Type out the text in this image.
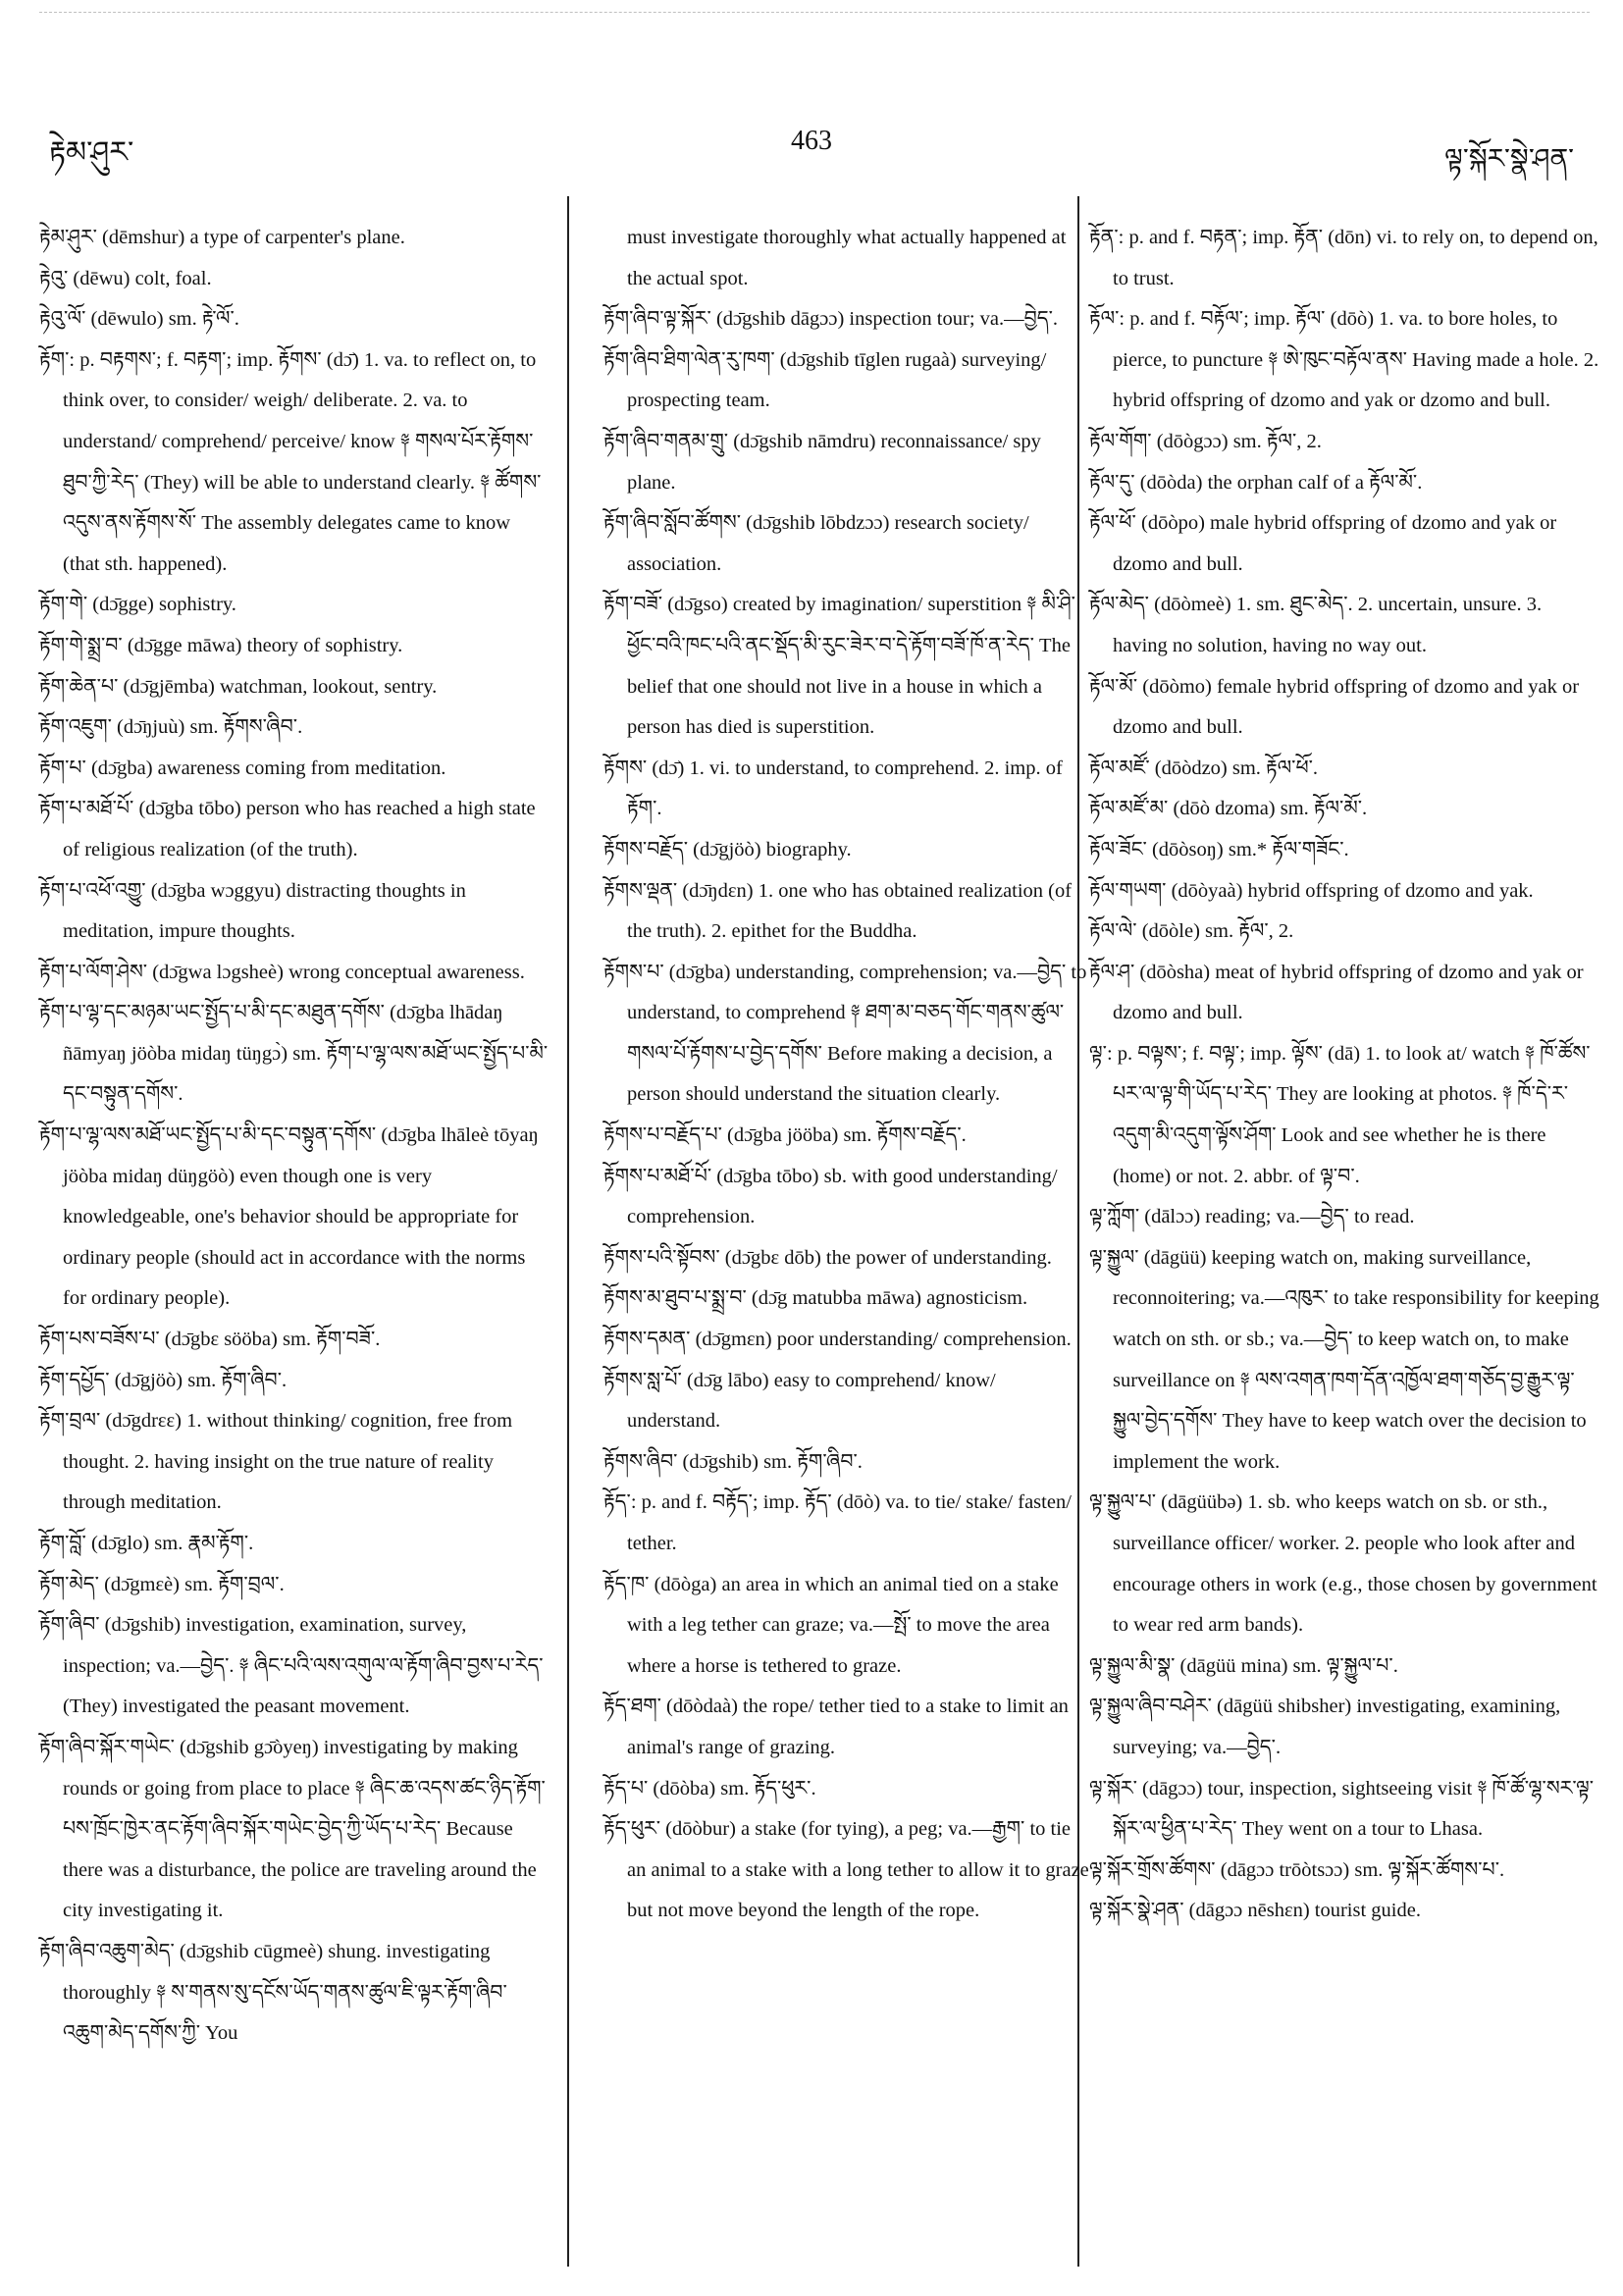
རྟེམ་ཤུར་	463
ལྟ་སྐོར་སྣེ་ཤན་

རྟེམ་ཤུར་ (dēmshur) a type of carpenter's plane.

རྟེའུ་ (dēwu) colt, foal.

རྟེའུ་ལོ་ (dēwulo) sm. རྟེ་ལོ་.

རྟོག་: p. བརྟགས་; f. བརྟག་; imp. རྟོགས་ (dɔ̄) 1. va. to reflect on, to think over, to consider/ weigh/ deliberate. 2. va. to understand/ comprehend/ perceive/ know ༈ གསལ་པོར་རྟོགས་ཐུབ་ཀྱི་རེད་ (They) will be able to understand clearly. ༈ ཚོགས་འདུས་ནས་རྟོགས་སོ་ The assembly delegates came to know (that sth. happened).

རྟོག་གེ་ (dɔ̄gge) sophistry.

རྟོག་གེ་སྨྲ་བ་ (dɔ̄gge māwa) theory of sophistry.

རྟོག་ཆེན་པ་ (dɔ̄gjēmba) watchman, lookout, sentry.

རྟོག་འཇུག་ (dɔ̄ŋjuù) sm. རྟོགས་ཞིབ་.

རྟོག་པ་ (dɔ̄gba) awareness coming from meditation.

རྟོག་པ་མཐོ་པོ་ (dɔ̄gba tōbo) person who has reached a high state of religious realization (of the truth).

རྟོག་པ་འཕོ་འགྱུ་ (dɔ̄gba wɔggyu) distracting thoughts in meditation, impure thoughts.

རྟོག་པ་ལོག་ཤེས་ (dɔ̄gwa lɔgsheè) wrong conceptual awareness.

རྟོག་པ་ལྷ་དང་མཉམ་ཡང་སྤྱོད་པ་མི་དང་མཐུན་དགོས་ (dɔ̄gba lhādaŋ ñāmyaŋ jöòba midaŋ tüŋgɔ̀) sm. རྟོག་པ་ལྷ་ལས་མཐོ་ཡང་སྤྱོད་པ་མི་དང་བསྟུན་དགོས་.

རྟོག་པ་ལྷ་ལས་མཐོ་ཡང་སྤྱོད་པ་མི་དང་བསྟུན་དགོས་ (dɔ̄gba lhāleè tōyaŋ jöòba midaŋ düŋgöò) even though one is very knowledgeable, one's behavior should be appropriate for ordinary people (should act in accordance with the norms for ordinary people).

རྟོག་པས་བཟོས་པ་ (dɔ̄gbɛ sööba) sm. རྟོག་བཟོ་.

རྟོག་དཔྱོད་ (dɔ̄gjöò) sm. རྟོག་ཞིབ་.

རྟོག་བྲལ་ (dɔ̄gdrɛɛ) 1. without thinking/ cognition, free from thought. 2. having insight on the true nature of reality through meditation.

རྟོག་བློ་ (dɔ̄glo) sm. རྣམ་རྟོག་.

རྟོག་མེད་ (dɔ̄gmɛè) sm. རྟོག་བྲལ་.

རྟོག་ཞིབ་ (dɔ̄gshib) investigation, examination, survey, inspection; va.—བྱེད་. ༈ ཞིང་པའི་ལས་འགུལ་ལ་རྟོག་ཞིབ་བྱས་པ་རེད་ (They) investigated the peasant movement.

རྟོག་ཞིབ་སྐོར་གཡེང་ (dɔ̄gshib gɔ̄òyeŋ) investigating by making rounds or going from place to place ༈ ཞིང་ཆ་འདས་ཚང་ཉིད་རྟོག་པས་ཁྲོང་ཁྱེར་ནང་རྟོག་ཞིབ་སྐོར་གཡེང་བྱེད་ཀྱི་ཡོད་པ་རེད་ Because there was a disturbance, the police are traveling around the city investigating it.

རྟོག་ཞིབ་འཆུག་མེད་ (dɔ̄gshib cūgmeè) shung. investigating thoroughly ༈ ས་གནས་སུ་དངོས་ཡོད་གནས་ཚུལ་ཇི་ལྟར་རྟོག་ཞིབ་འཆུག་མེད་དགོས་ཀྱི་ You

must investigate thoroughly what actually happened at the actual spot.

རྟོག་ཞིབ་ལྟ་སྐོར་ (dɔ̄gshib dāgɔɔ) inspection tour; va.—བྱེད་.

རྟོག་ཞིབ་ཐིག་ལེན་རུ་ཁག་ (dɔ̄gshib tīglen rugaà) surveying/ prospecting team.

རྟོག་ཞིབ་གནམ་གྲུ་ (dɔ̄gshib nāmdru) reconnaissance/ spy plane.

རྟོག་ཞིབ་སློབ་ཚོགས་ (dɔ̄gshib lōbdzɔɔ) research society/ association.

རྟོག་བཟོ་ (dɔ̄gso) created by imagination/ superstition ༈ མི་ཤི་ཕྱོང་བའི་ཁང་པའི་ནང་སྡོད་མི་རུང་ཟེར་བ་དེ་རྟོག་བཟོ་ཁོ་ན་རེད་ The belief that one should not live in a house in which a person has died is superstition.

རྟོགས་ (dɔ̄) 1. vi. to understand, to comprehend. 2. imp. of རྟོག་.

རྟོགས་བརྗོད་ (dɔ̄gjöò) biography.

རྟོགས་ལྡན་ (dɔ̄ŋdɛn) 1. one who has obtained realization (of the truth). 2. epithet for the Buddha.

རྟོགས་པ་ (dɔ̄gba) understanding, comprehension; va.—བྱེད་ to understand, to comprehend ༈ ཐག་མ་བཅད་གོང་གནས་ཚུལ་གསལ་པོ་རྟོགས་པ་བྱེད་དགོས་ Before making a decision, a person should understand the situation clearly.

རྟོགས་པ་བརྗོད་པ་ (dɔ̄gba jööba) sm. རྟོགས་བརྗོད་.

རྟོགས་པ་མཐོ་པོ་ (dɔ̄gba tōbo) sb. with good understanding/ comprehension.

རྟོགས་པའི་སྟོབས་ (dɔ̄gbɛ dōb) the power of understanding.

རྟོགས་མ་ཐུབ་པ་སྨྲ་བ་ (dɔ̄g matubba māwa) agnosticism.

རྟོགས་དམན་ (dɔ̄gmɛn) poor understanding/ comprehension.

རྟོགས་སླ་པོ་ (dɔ̄g lābo) easy to comprehend/ know/ understand.

རྟོགས་ཞིབ་ (dɔ̄gshib) sm. རྟོག་ཞིབ་.

རྟོད་: p. and f. བརྟོད་; imp. རྟོད་ (dōò) va. to tie/ stake/ fasten/ tether.

རྟོད་ཁ་ (dōòga) an area in which an animal tied on a stake with a leg tether can graze; va.—སྤོ་ to move the area where a horse is tethered to graze.

རྟོད་ཐག་ (dōòdaà) the rope/ tether tied to a stake to limit an animal's range of grazing.

རྟོད་པ་ (dōòba) sm. རྟོད་ཕུར་.

རྟོད་ཕུར་ (dōòbur) a stake (for tying), a peg; va.—རྒྱག་ to tie an animal to a stake with a long tether to allow it to graze but not move beyond the length of the rope.

རྟོན་: p. and f. བརྟན་; imp. རྟོན་ (dōn) vi. to rely on, to depend on, to trust.

རྟོལ་: p. and f. བརྟོལ་; imp. རྟོལ་ (dōò) 1. va. to bore holes, to pierce, to puncture ༈ ཨེ་ཁུང་བརྟོལ་ནས་ Having made a hole. 2. hybrid offspring of dzomo and yak or dzomo and bull.

རྟོལ་གོག་ (dōògɔɔ) sm. རྟོལ་, 2.

རྟོལ་དུ་ (dōòda) the orphan calf of a རྟོལ་མོ་.

རྟོལ་ཕོ་ (dōòpo) male hybrid offspring of dzomo and yak or dzomo and bull.

རྟོལ་མེད་ (dōòmeè) 1. sm. ཐུང་མེད་. 2. uncertain, unsure. 3. having no solution, having no way out.

རྟོལ་མོ་ (dōòmo) female hybrid offspring of dzomo and yak or dzomo and bull.

རྟོལ་མཛོ་ (dōòdzo) sm. རྟོལ་ཕོ་.

རྟོལ་མཛོ་མ་ (dōò dzoma) sm. རྟོལ་མོ་.

རྟོལ་ཟོང་ (dōòsoŋ) sm.* རྟོལ་གཟོང་.

རྟོལ་གཡག་ (dōòyaà) hybrid offspring of dzomo and yak.

རྟོལ་ལེ་ (dōòle) sm. རྟོལ་, 2.

རྟོལ་ཤ་ (dōòsha) meat of hybrid offspring of dzomo and yak or dzomo and bull.

ལྟ་: p. བལྟས་; f. བལྟ་; imp. ལྟོས་ (dā) 1. to look at/ watch ༈ ཁོ་ཚོས་པར་ལ་ལྟ་གི་ཡོད་པ་རེད་ They are looking at photos. ༈ ཁོ་དེ་ར་འདུག་མི་འདུག་ལྟོས་ཤོག་ Look and see whether he is there (home) or not. 2. abbr. of ལྟ་བ་.

ལྟ་ཀློག་ (dālɔɔ) reading; va.—བྱེད་ to read.

ལྟ་སྐྱུལ་ (dāgüü) keeping watch on, making surveillance, reconnoitering; va.—འཁུར་ to take responsibility for keeping watch on sth. or sb.; va.—བྱེད་ to keep watch on, to make surveillance on ༈ ལས་འགན་ཁག་དོན་འཁྱོལ་ཐག་གཅོད་བྱ་རྒྱུར་ལྟ་སྐྱུལ་བྱེད་དགོས་ They have to keep watch over the decision to implement the work.

ལྟ་སྐྱུལ་པ་ (dāgüübə) 1. sb. who keeps watch on sb. or sth., surveillance officer/ worker. 2. people who look after and encourage others in work (e.g., those chosen by government to wear red arm bands).

ལྟ་སྐྱུལ་མི་སྣ་ (dāgüü mina) sm. ལྟ་སྐྱུལ་པ་.

ལྟ་སྐྱུལ་ཞིབ་བཤེར་ (dāgüü shibsher) investigating, examining, surveying; va.—བྱེད་.

ལྟ་སྐོར་ (dāgɔɔ) tour, inspection, sightseeing visit ༈ ཁོ་ཚོ་ལྷ་སར་ལྟ་སྐོར་ལ་ཕྱིན་པ་རེད་ They went on a tour to Lhasa.

ལྟ་སྐོར་གྲོས་ཚོགས་ (dāgɔɔ trōòtsɔɔ) sm. ལྟ་སྐོར་ཚོགས་པ་.

ལྟ་སྐོར་སྣེ་ཤན་ (dāgɔɔ nēshɛn) tourist guide.
